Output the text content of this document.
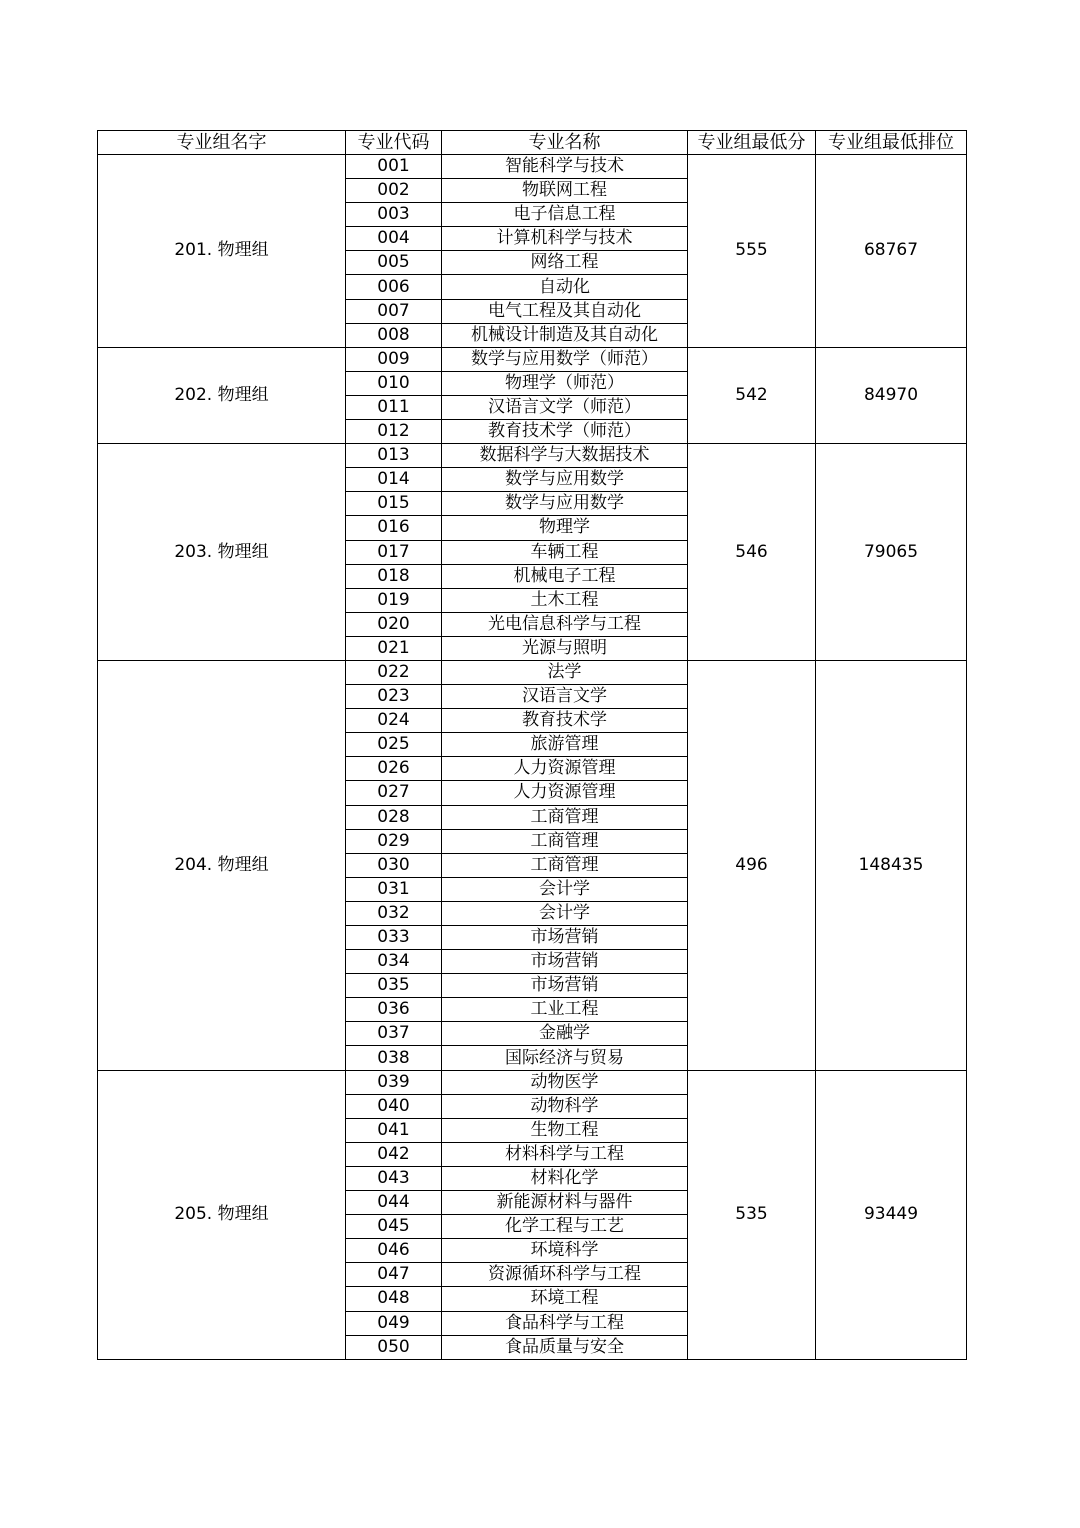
专业组名字	专业代码	专业名称	专业组最低分	专业组最低排位
201. 物理组	001	智能科学与技术	555	68767
	002	物联网工程		
	003	电子信息工程		
	004	计算机科学与技术		
	005	网络工程		
	006	自动化		
	007	电气工程及其自动化		
	008	机械设计制造及其自动化		
202. 物理组	009	数学与应用数学（师范）	542	84970
	010	物理学（师范）		
	011	汉语言文学（师范）		
	012	教育技术学（师范）		
203. 物理组	013	数据科学与大数据技术	546	79065
	014	数学与应用数学		
	015	数学与应用数学		
	016	物理学		
	017	车辆工程		
	018	机械电子工程		
	019	土木工程		
	020	光电信息科学与工程		
	021	光源与照明		
204. 物理组	022	法学	496	148435
	023	汉语言文学		
	024	教育技术学		
	025	旅游管理		
	026	人力资源管理		
	027	人力资源管理		
	028	工商管理		
	029	工商管理		
	030	工商管理		
	031	会计学		
	032	会计学		
	033	市场营销		
	034	市场营销		
	035	市场营销		
	036	工业工程		
	037	金融学		
	038	国际经济与贸易		
205. 物理组	039	动物医学	535	93449
	040	动物科学		
	041	生物工程		
	042	材料科学与工程		
	043	材料化学		
	044	新能源材料与器件		
	045	化学工程与工艺		
	046	环境科学		
	047	资源循环科学与工程		
	048	环境工程		
	049	食品科学与工程		
	050	食品质量与安全		
